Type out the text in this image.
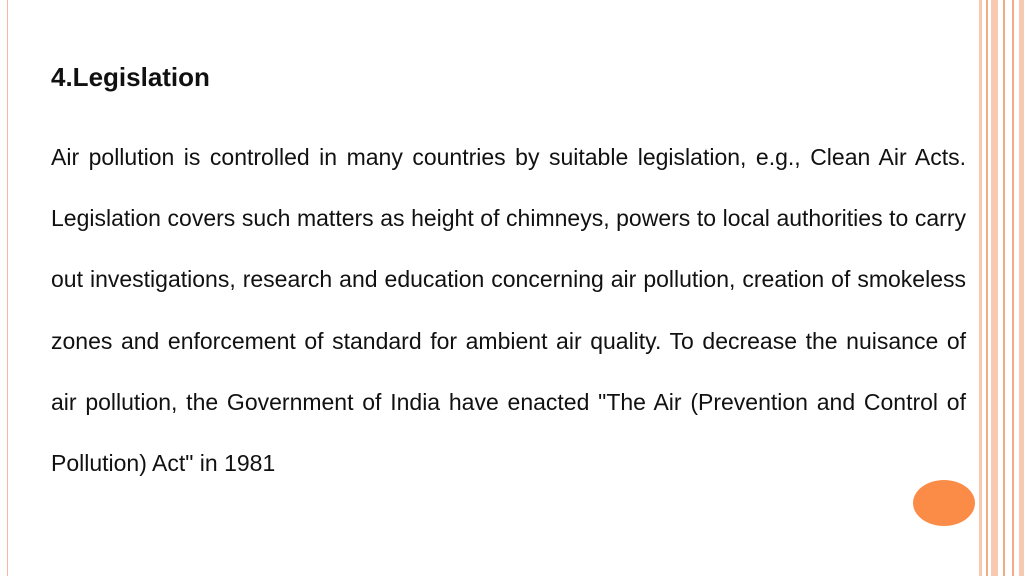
4.Legislation

Air pollution is controlled in many countries by suitable legislation, e.g., Clean Air Acts. Legislation covers such matters as height of chimneys, powers to local authorities to carry out investigations, research and education concerning air pollution, creation of smokeless zones and enforcement of standard for ambient air quality. To decrease the nuisance of air pollution, the Government of India have enacted "The Air (Prevention and Control of Pollution) Act" in 1981
